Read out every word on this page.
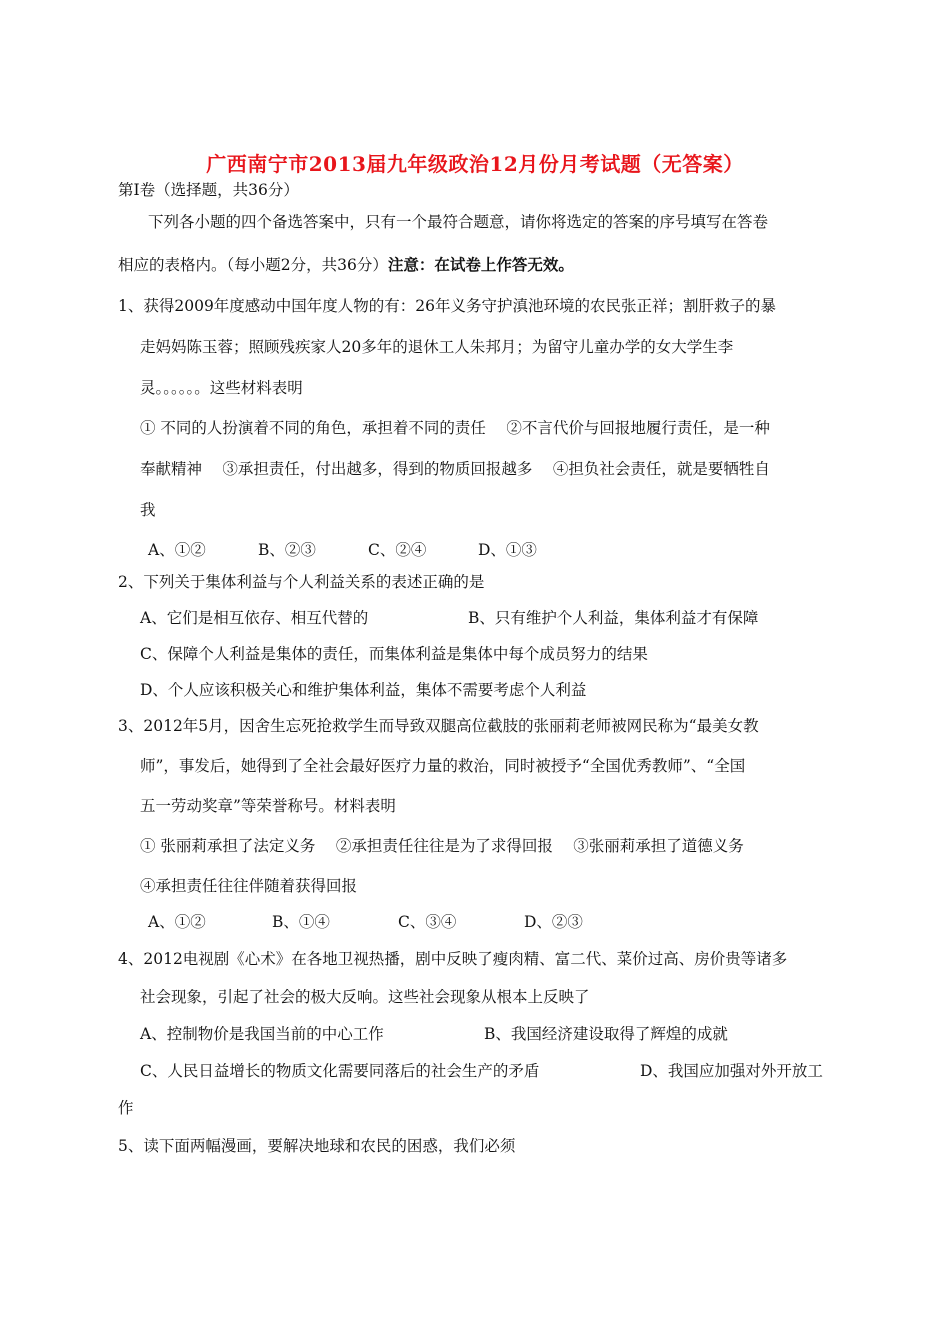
广西南宁市2013届九年级政治12月份月考试题（无答案）
第Ⅰ卷（选择题，共36分）
下列各小题的四个备选答案中，只有一个最符合题意，请你将选定的答案的序号填写在答卷
相应的表格内。（每小题2分，共36分）注意：在试卷上作答无效。
1、获得2009年度感动中国年度人物的有：26年义务守护滇池环境的农民张正祥；割肝救子的暴
走妈妈陈玉蓉；照顾残疾家人20多年的退休工人朱邦月；为留守儿童办学的女大学生李
灵。。。。。。这些材料表明
① 不同的人扮演着不同的角色，承担着不同的责任　 ②不言代价与回报地履行责任，是一种
奉献精神　 ③承担责任，付出越多，得到的物质回报越多　 ④担负社会责任，就是要牺牲自
我
A、①②	B、②③	C、②④	D、①③
2、下列关于集体利益与个人利益关系的表述正确的是
A、它们是相互依存、相互代替的	B、只有维护个人利益，集体利益才有保障
C、保障个人利益是集体的责任，而集体利益是集体中每个成员努力的结果
D、个人应该积极关心和维护集体利益，集体不需要考虑个人利益
3、2012年5月，因舍生忘死抢救学生而导致双腿高位截肢的张丽莉老师被网民称为“最美女教
师”，事发后，她得到了全社会最好医疗力量的救治，同时被授予“全国优秀教师”、“全国
五一劳动奖章”等荣誉称号。材料表明
① 张丽莉承担了法定义务　 ②承担责任往往是为了求得回报　 ③张丽莉承担了道德义务
④承担责任往往伴随着获得回报
A、①②	B、①④	C、③④	D、②③
4、2012电视剧《心术》在各地卫视热播，剧中反映了瘦肉精、富二代、菜价过高、房价贵等诸多
社会现象，引起了社会的极大反响。这些社会现象从根本上反映了
A、控制物价是我国当前的中心工作	B、我国经济建设取得了辉煌的成就
C、人民日益增长的物质文化需要同落后的社会生产的矛盾	D、我国应加强对外开放工
作
5、读下面两幅漫画，要解决地球和农民的困惑，我们必须
